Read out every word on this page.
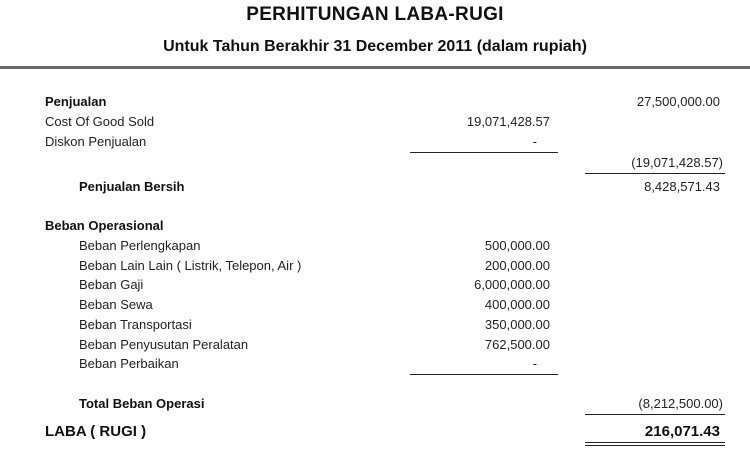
PERHITUNGAN LABA-RUGI
Untuk Tahun Berakhir 31 December 2011 (dalam rupiah)
Penjualan	27,500,000.00
Cost Of Good Sold	19,071,428.57
Diskon Penjualan	-
(19,071,428.57)
Penjualan Bersih	8,428,571.43
Beban Operasional
Beban Perlengkapan	500,000.00
Beban Lain Lain ( Listrik, Telepon, Air )	200,000.00
Beban Gaji	6,000,000.00
Beban Sewa	400,000.00
Beban Transportasi	350,000.00
Beban Penyusutan Peralatan	762,500.00
Beban Perbaikan	-
Total Beban Operasi	(8,212,500.00)
LABA ( RUGI )	216,071.43
